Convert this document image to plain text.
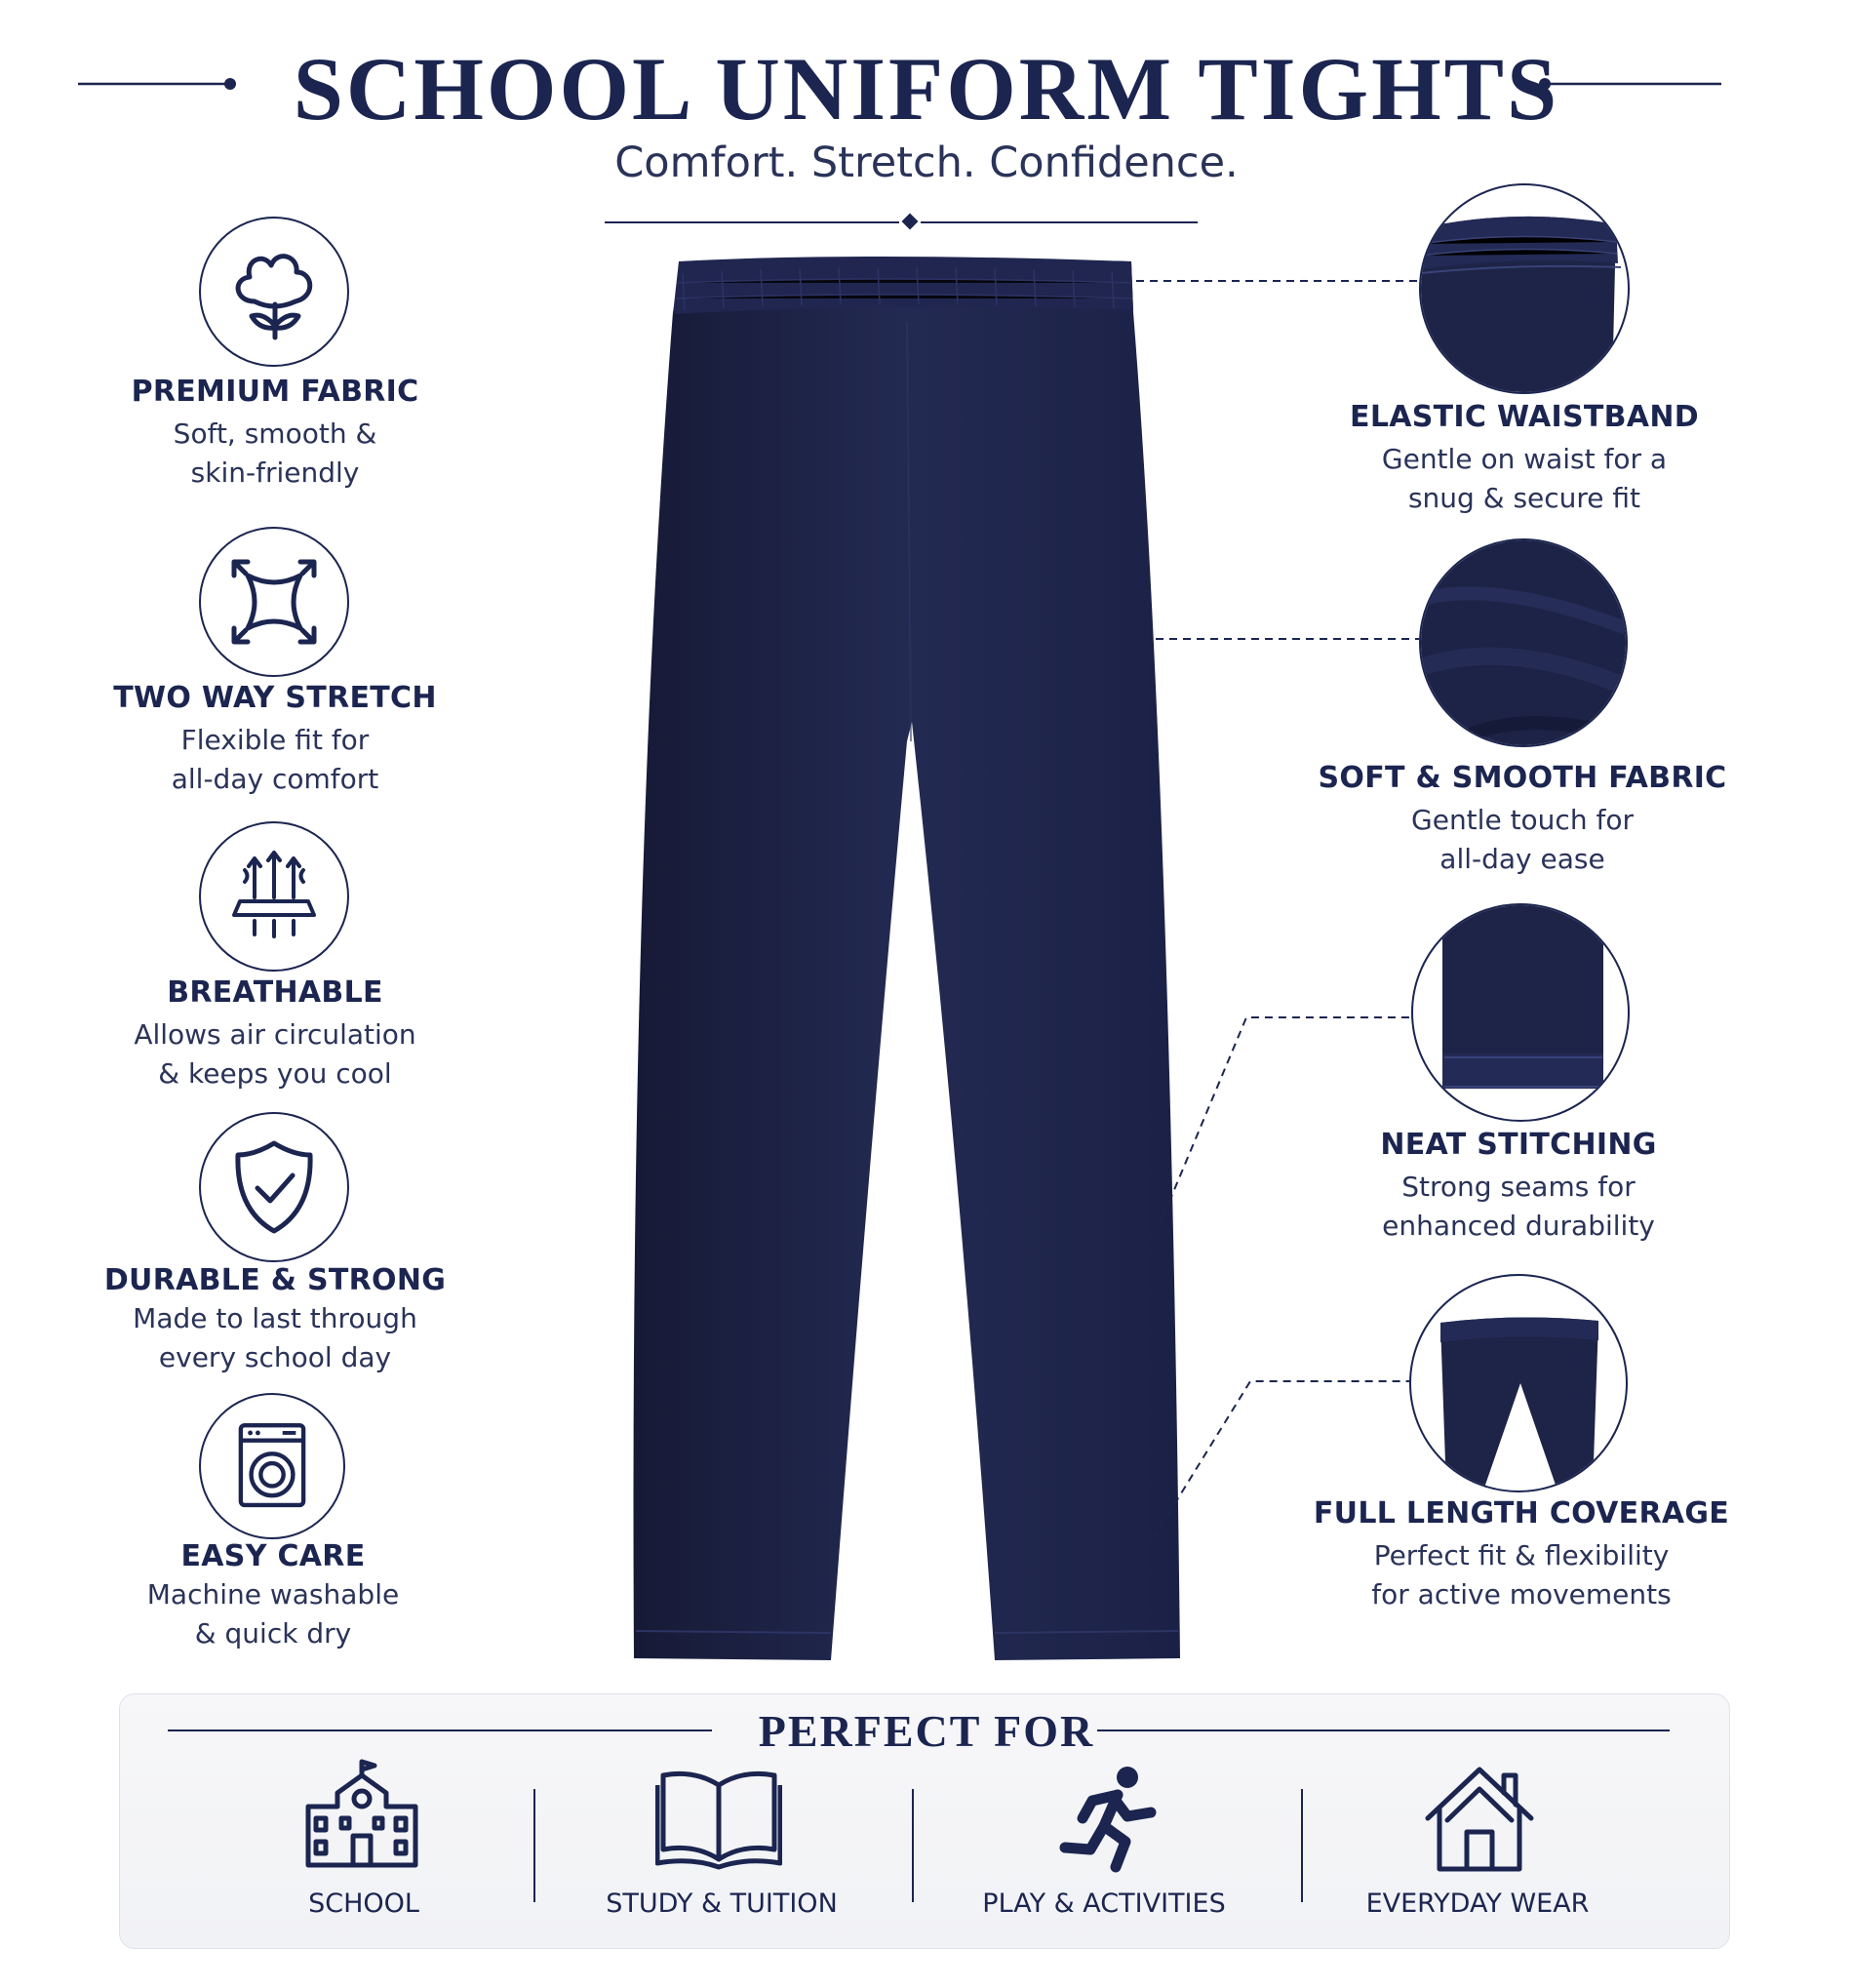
SCHOOL UNIFORM TIGHTS
Comfort. Stretch. Confidence.
PREMIUM FABRIC
Soft, smooth &
skin-friendly
TWO WAY STRETCH
Flexible fit for
all-day comfort
BREATHABLE
Allows air circulation
& keeps you cool
DURABLE & STRONG
Made to last through
every school day
EASY CARE
Machine washable
& quick dry
ELASTIC WAISTBAND
Gentle on waist for a
snug & secure fit
SOFT & SMOOTH FABRIC
Gentle touch for
all-day ease
NEAT STITCHING
Strong seams for
enhanced durability
FULL LENGTH COVERAGE
Perfect fit & flexibility
for active movements
PERFECT FOR
SCHOOL	STUDY & TUITION	PLAY & ACTIVITIES	EVERYDAY WEAR
